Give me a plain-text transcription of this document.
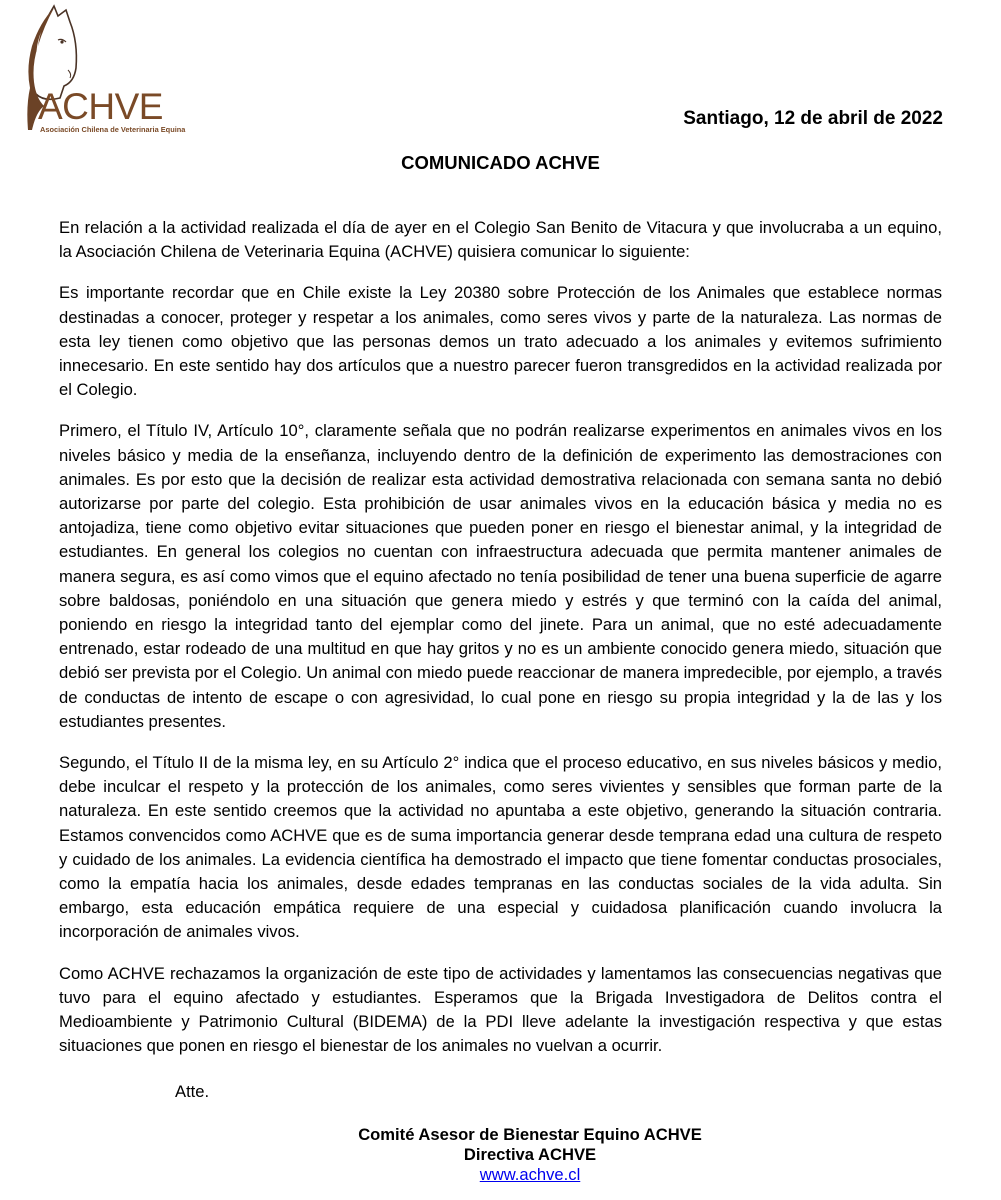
ACHVE
Asociación Chilena de Veterinaria Equina
Santiago, 12 de abril de 2022
COMUNICADO ACHVE

En relación a la actividad realizada el día de ayer en el Colegio San Benito de Vitacura y que involucraba a un equino, la Asociación Chilena de Veterinaria Equina (ACHVE) quisiera comunicar lo siguiente:

Es importante recordar que en Chile existe la Ley 20380 sobre Protección de los Animales que establece normas destinadas a conocer, proteger y respetar a los animales, como seres vivos y parte de la naturaleza. Las normas de esta ley tienen como objetivo que las personas demos un trato adecuado a los animales y evitemos sufrimiento innecesario. En este sentido hay dos artículos que a nuestro parecer fueron transgredidos en la actividad realizada por el Colegio.

Primero, el Título IV, Artículo 10°, claramente señala que no podrán realizarse experimentos en animales vivos en los niveles básico y media de la enseñanza, incluyendo dentro de la definición de experimento las demostraciones con animales. Es por esto que la decisión de realizar esta actividad demostrativa relacionada con semana santa no debió autorizarse por parte del colegio. Esta prohibición de usar animales vivos en la educación básica y media no es antojadiza, tiene como objetivo evitar situaciones que pueden poner en riesgo el bienestar animal, y la integridad de estudiantes. En general los colegios no cuentan con infraestructura adecuada que permita mantener animales de manera segura, es así como vimos que el equino afectado no tenía posibilidad de tener una buena superficie de agarre sobre baldosas, poniéndolo en una situación que genera miedo y estrés y que terminó con la caída del animal, poniendo en riesgo la integridad tanto del ejemplar como del jinete. Para un animal, que no esté adecuadamente entrenado, estar rodeado de una multitud en que hay gritos y no es un ambiente conocido genera miedo, situación que debió ser prevista por el Colegio. Un animal con miedo puede reaccionar de manera impredecible, por ejemplo, a través de conductas de intento de escape o con agresividad, lo cual pone en riesgo su propia integridad y la de las y los estudiantes presentes.

Segundo, el Título II de la misma ley, en su Artículo 2° indica que el proceso educativo, en sus niveles básicos y medio, debe inculcar el respeto y la protección de los animales, como seres vivientes y sensibles que forman parte de la naturaleza. En este sentido creemos que la actividad no apuntaba a este objetivo, generando la situación contraria. Estamos convencidos como ACHVE que es de suma importancia generar desde temprana edad una cultura de respeto y cuidado de los animales. La evidencia científica ha demostrado el impacto que tiene fomentar conductas prosociales, como la empatía hacia los animales, desde edades tempranas en las conductas sociales de la vida adulta. Sin embargo, esta educación empática requiere de una especial y cuidadosa planificación cuando involucra la incorporación de animales vivos.

Como ACHVE rechazamos la organización de este tipo de actividades y lamentamos las consecuencias negativas que tuvo para el equino afectado y estudiantes. Esperamos que la Brigada Investigadora de Delitos contra el Medioambiente y Patrimonio Cultural (BIDEMA) de la PDI lleve adelante la investigación respectiva y que estas situaciones que ponen en riesgo el bienestar de los animales no vuelvan a ocurrir.

Atte.
Comité Asesor de Bienestar Equino ACHVE
Directiva ACHVE
www.achve.cl
